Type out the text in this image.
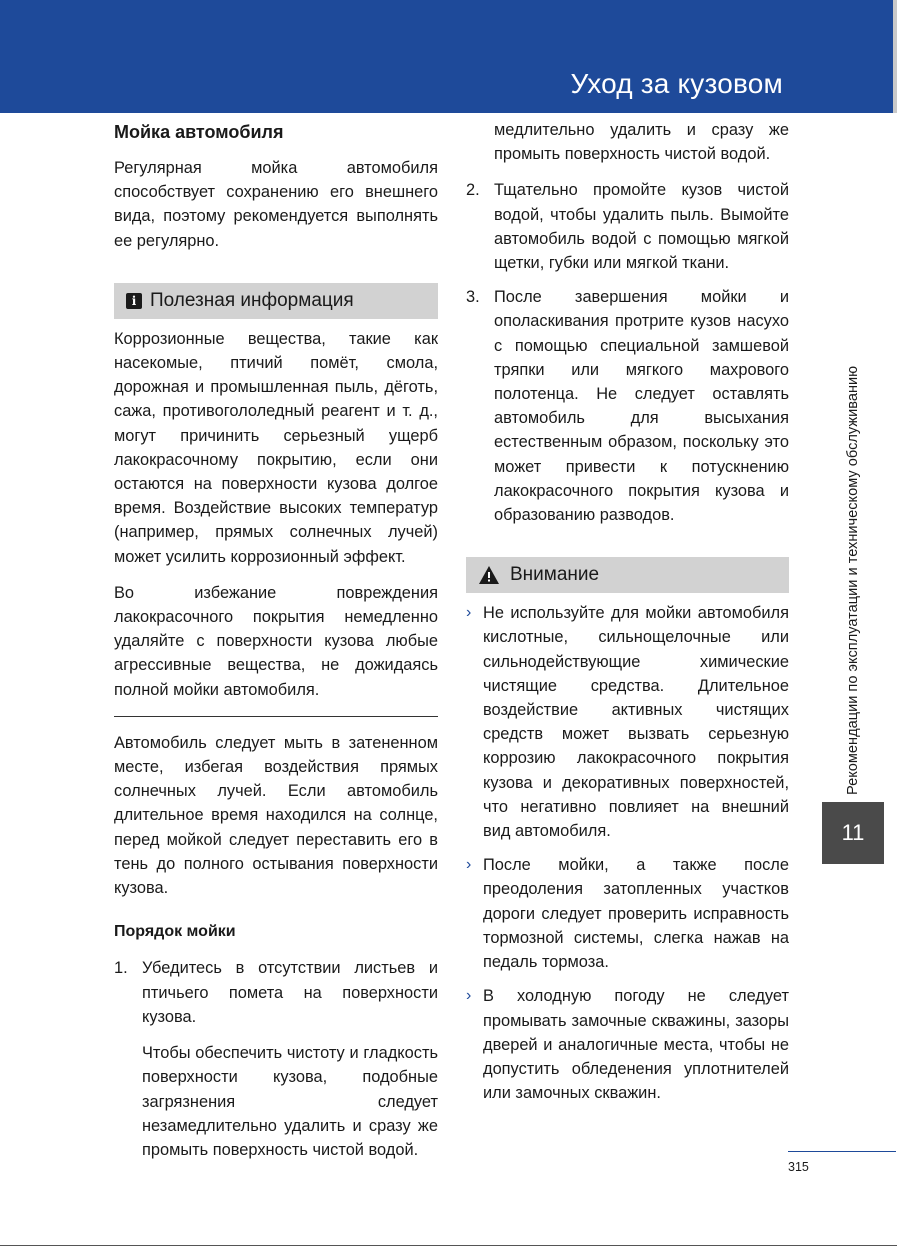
Уход за кузовом
Мойка автомобиля

Регулярная мойка автомобиля способствует сохранению его внешнего вида, поэтому рекомендуется выполнять ее регулярно.

i Полезная информация

Коррозионные вещества, такие как насекомые, птичий помёт, смола, дорожная и промышленная пыль, дёготь, сажа, противогололедный реагент и т. д., могут причинить серьезный ущерб лакокрасочному покрытию, если они остаются на поверхности кузова долгое время. Воздействие высоких температур (например, прямых солнечных лучей) может усилить коррозионный эффект.

Во избежание повреждения лакокрасочного покрытия немедленно удаляйте с поверхности кузова любые агрессивные вещества, не дожидаясь полной мойки автомобиля.

Автомобиль следует мыть в затененном месте, избегая воздействия прямых солнечных лучей. Если автомобиль длительное время находился на солнце, перед мойкой следует переставить его в тень до полного остывания поверхности кузова.

Порядок мойки
1. Убедитесь в отсутствии листьев и птичьего помета на поверхности кузова.

Чтобы обеспечить чистоту и гладкость поверхности кузова, подобные загрязнения следует незамедлительно удалить и сразу же промыть поверхность чистой водой.

медлительно удалить и сразу же промыть поверхность чистой водой.

2. Тщательно промойте кузов чистой водой, чтобы удалить пыль. Вымойте автомобиль водой с помощью мягкой щетки, губки или мягкой ткани.

3. После завершения мойки и ополаскивания протрите кузов насухо с помощью специальной замшевой тряпки или мягкого махрового полотенца. Не следует оставлять автомобиль для высыхания естественным образом, поскольку это может привести к потускнению лакокрасочного покрытия кузова и образованию разводов.

Внимание
› Не используйте для мойки автомобиля кислотные, сильнощелочные или сильнодействующие химические чистящие средства. Длительное воздействие активных чистящих средств может вызвать серьезную коррозию лакокрасочного покрытия кузова и декоративных поверхностей, что негативно повлияет на внешний вид автомобиля.

› После мойки, а также после преодоления затопленных участков дороги следует проверить исправность тормозной системы, слегка нажав на педаль тормоза.

› В холодную погоду не следует промывать замочные скважины, зазоры дверей и аналогичные места, чтобы не допустить обледенения уплотнителей или замочных скважин.

Рекомендации по эксплуатации и техническому обслуживанию
11
315
